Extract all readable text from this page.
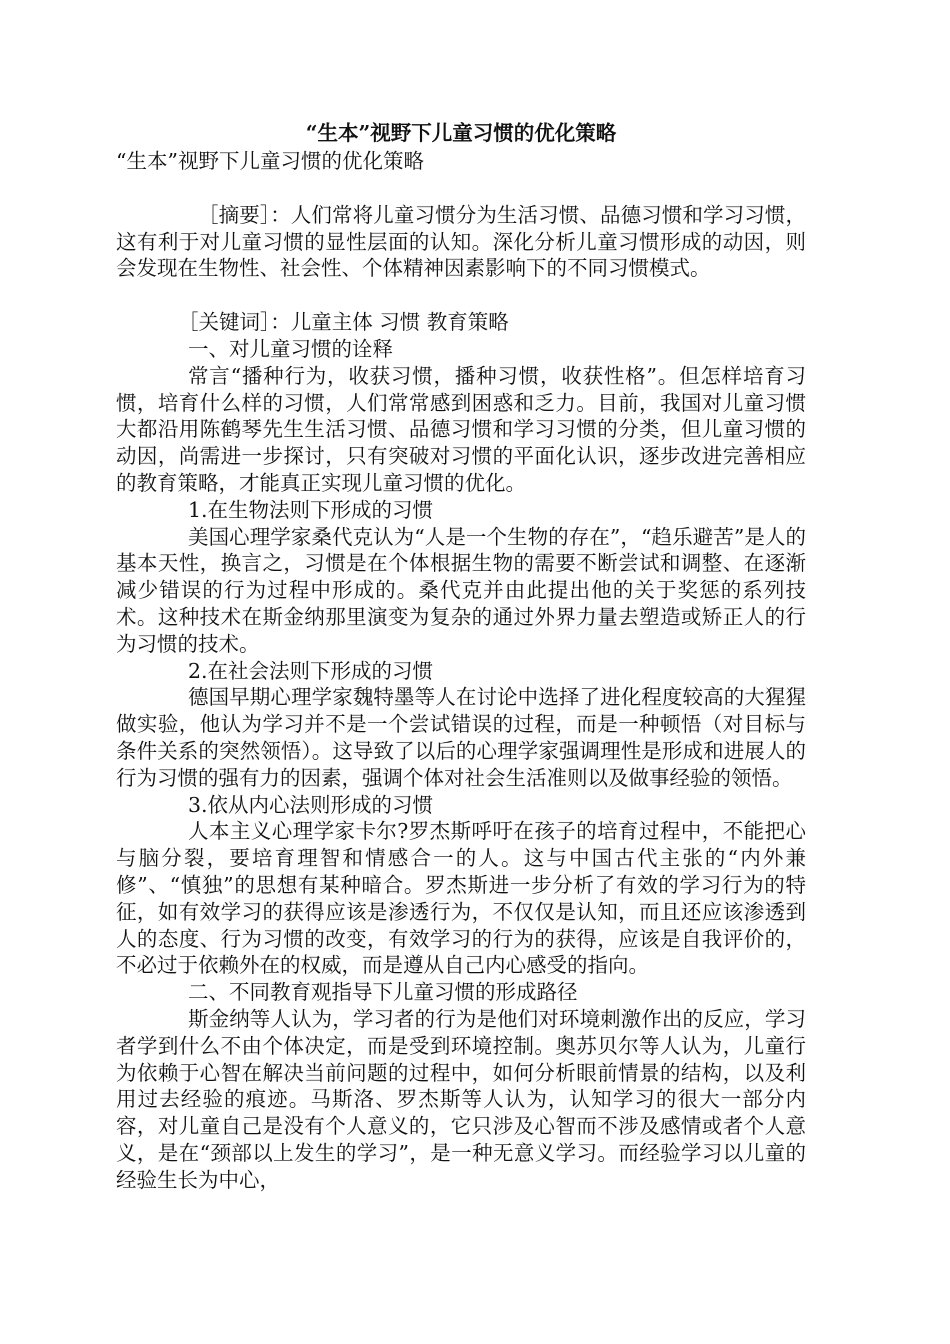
“生本”视野下儿童习惯的优化策略

“生本”视野下儿童习惯的优化策略

［摘要］：人们常将儿童习惯分为生活习惯、品德习惯和学习习惯，这有利于对儿童习惯的显性层面的认知。深化分析儿童习惯形成的动因，则会发现在生物性、社会性、个体精神因素影响下的不同习惯模式。

［关键词］：儿童主体 习惯 教育策略

一、对儿童习惯的诠释

常言“播种行为，收获习惯，播种习惯，收获性格”。但怎样培育习惯，培育什么样的习惯，人们常常感到困惑和乏力。目前，我国对儿童习惯大都沿用陈鹤琴先生生活习惯、品德习惯和学习习惯的分类，但儿童习惯的动因，尚需进一步探讨，只有突破对习惯的平面化认识，逐步改进完善相应的教育策略，才能真正实现儿童习惯的优化。

1.在生物法则下形成的习惯

美国心理学家桑代克认为“人是一个生物的存在”，“趋乐避苦”是人的基本天性，换言之，习惯是在个体根据生物的需要不断尝试和调整、在逐渐减少错误的行为过程中形成的。桑代克并由此提出他的关于奖惩的系列技术。这种技术在斯金纳那里演变为复杂的通过外界力量去塑造或矫正人的行为习惯的技术。

2.在社会法则下形成的习惯

德国早期心理学家魏特墨等人在讨论中选择了进化程度较高的大猩猩做实验，他认为学习并不是一个尝试错误的过程，而是一种顿悟（对目标与条件关系的突然领悟）。这导致了以后的心理学家强调理性是形成和进展人的行为习惯的强有力的因素，强调个体对社会生活准则以及做事经验的领悟。

3.依从内心法则形成的习惯

人本主义心理学家卡尔?罗杰斯呼吁在孩子的培育过程中，不能把心与脑分裂，要培育理智和情感合一的人。这与中国古代主张的“内外兼修”、“慎独”的思想有某种暗合。罗杰斯进一步分析了有效的学习行为的特征，如有效学习的获得应该是渗透行为，不仅仅是认知，而且还应该渗透到人的态度、行为习惯的改变，有效学习的行为的获得，应该是自我评价的，不必过于依赖外在的权威，而是遵从自己内心感受的指向。

二、不同教育观指导下儿童习惯的形成路径

斯金纳等人认为，学习者的行为是他们对环境刺激作出的反应，学习者学到什么不由个体决定，而是受到环境控制。奥苏贝尔等人认为，儿童行为依赖于心智在解决当前问题的过程中，如何分析眼前情景的结构，以及利用过去经验的痕迹。马斯洛、罗杰斯等人认为，认知学习的很大一部分内容，对儿童自己是没有个人意义的，它只涉及心智而不涉及感情或者个人意义，是在“颈部以上发生的学习”，是一种无意义学习。而经验学习以儿童的经验生长为中心，
